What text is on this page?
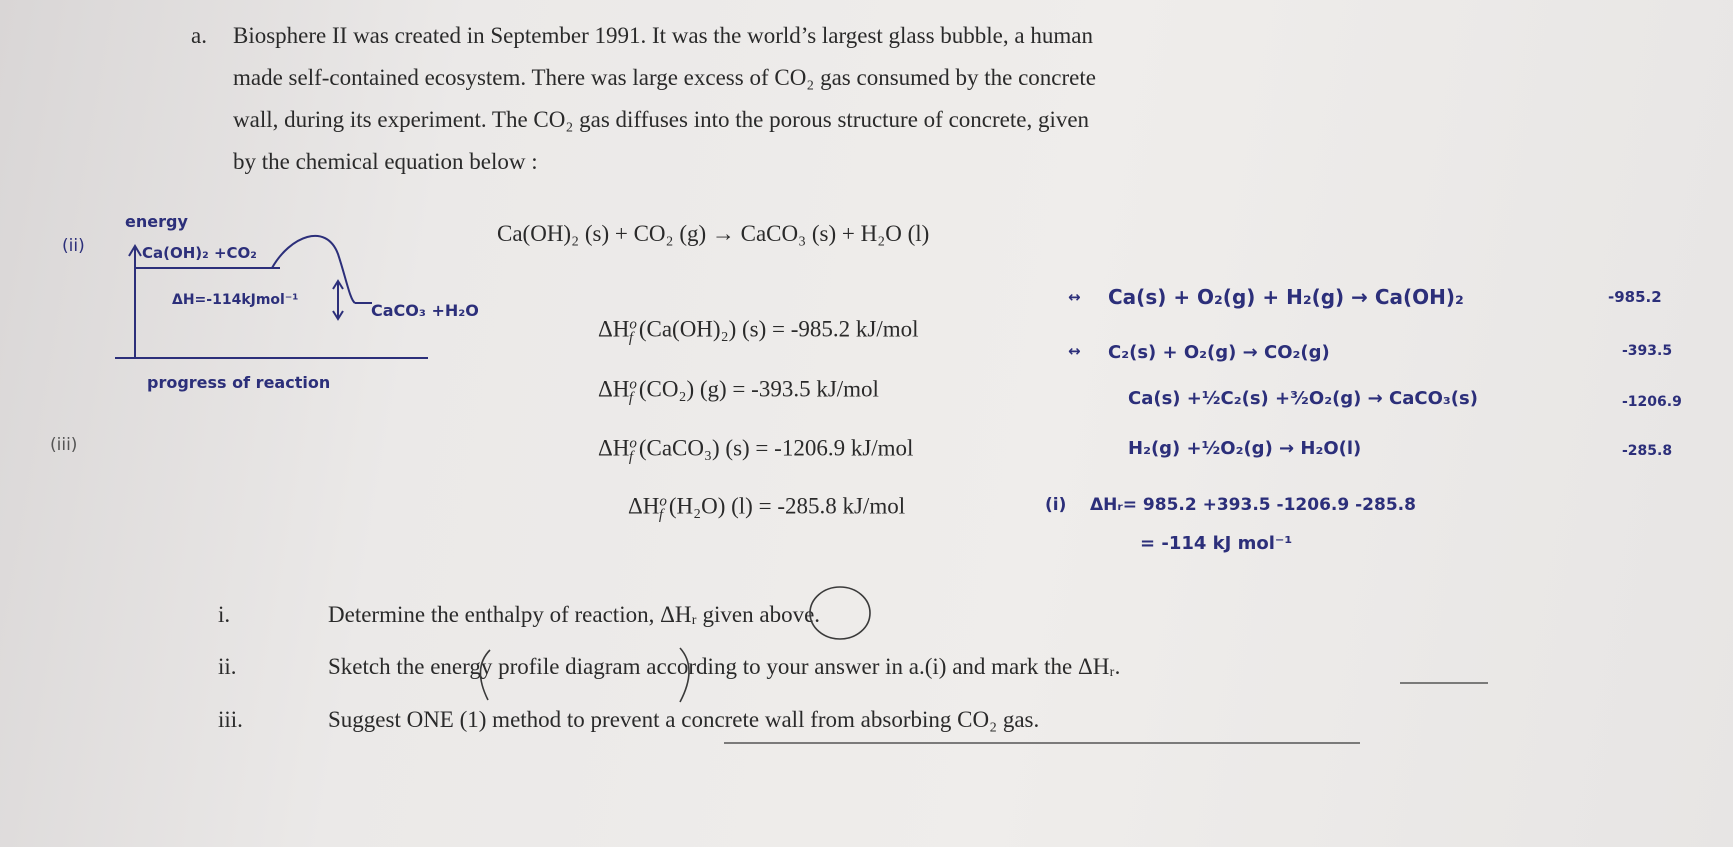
a. Biosphere II was created in September 1991. It was the world’s largest glass bubble, a human
made self-contained ecosystem. There was large excess of CO₂ gas consumed by the concrete
wall, during its experiment. The CO₂ gas diffuses into the porous structure of concrete, given
by the chemical equation below :
Ca(OH)₂ (s) + CO₂ (g) → CaCO₃ (s) + H₂O (l)
$\Delta H^o_f$ (Ca(OH)₂) (s) = -985.2 kJ/mol
$\Delta H^o_f$ (CO₂) (g) = -393.5 kJ/mol
$\Delta H^o_f$ (CaCO₃) (s) = -1206.9 kJ/mol
$\Delta H^o_f$ (H₂O) (l) = -285.8 kJ/mol
i.	Determine the enthalpy of reaction, ΔHᵣ given above.
ii.	Sketch the energy profile diagram according to your answer in a.(i) and mark the ΔHᵣ.
iii.	Suggest ONE (1) method to prevent a concrete wall from absorbing CO₂ gas.
(ii)
(iii)
energy
Ca(OH)₂ +CO₂
CaCO₃ +H₂O
ΔH=-114kJmol⁻¹
progress of reaction
↔ Ca(s) + O₂(g) + H₂(g) → Ca(OH)₂	-985.2
↔ C₂(s) + O₂(g) → CO₂(g)	-393.5
Ca(s) +½C₂(s) +³⁄₂O₂(g) → CaCO₃(s)	-1206.9
H₂(g) +½O₂(g) → H₂O(l)	-285.8
(i) ΔHᵣ= 985.2 +393.5 -1206.9 -285.8
= -114 kJ mol⁻¹
